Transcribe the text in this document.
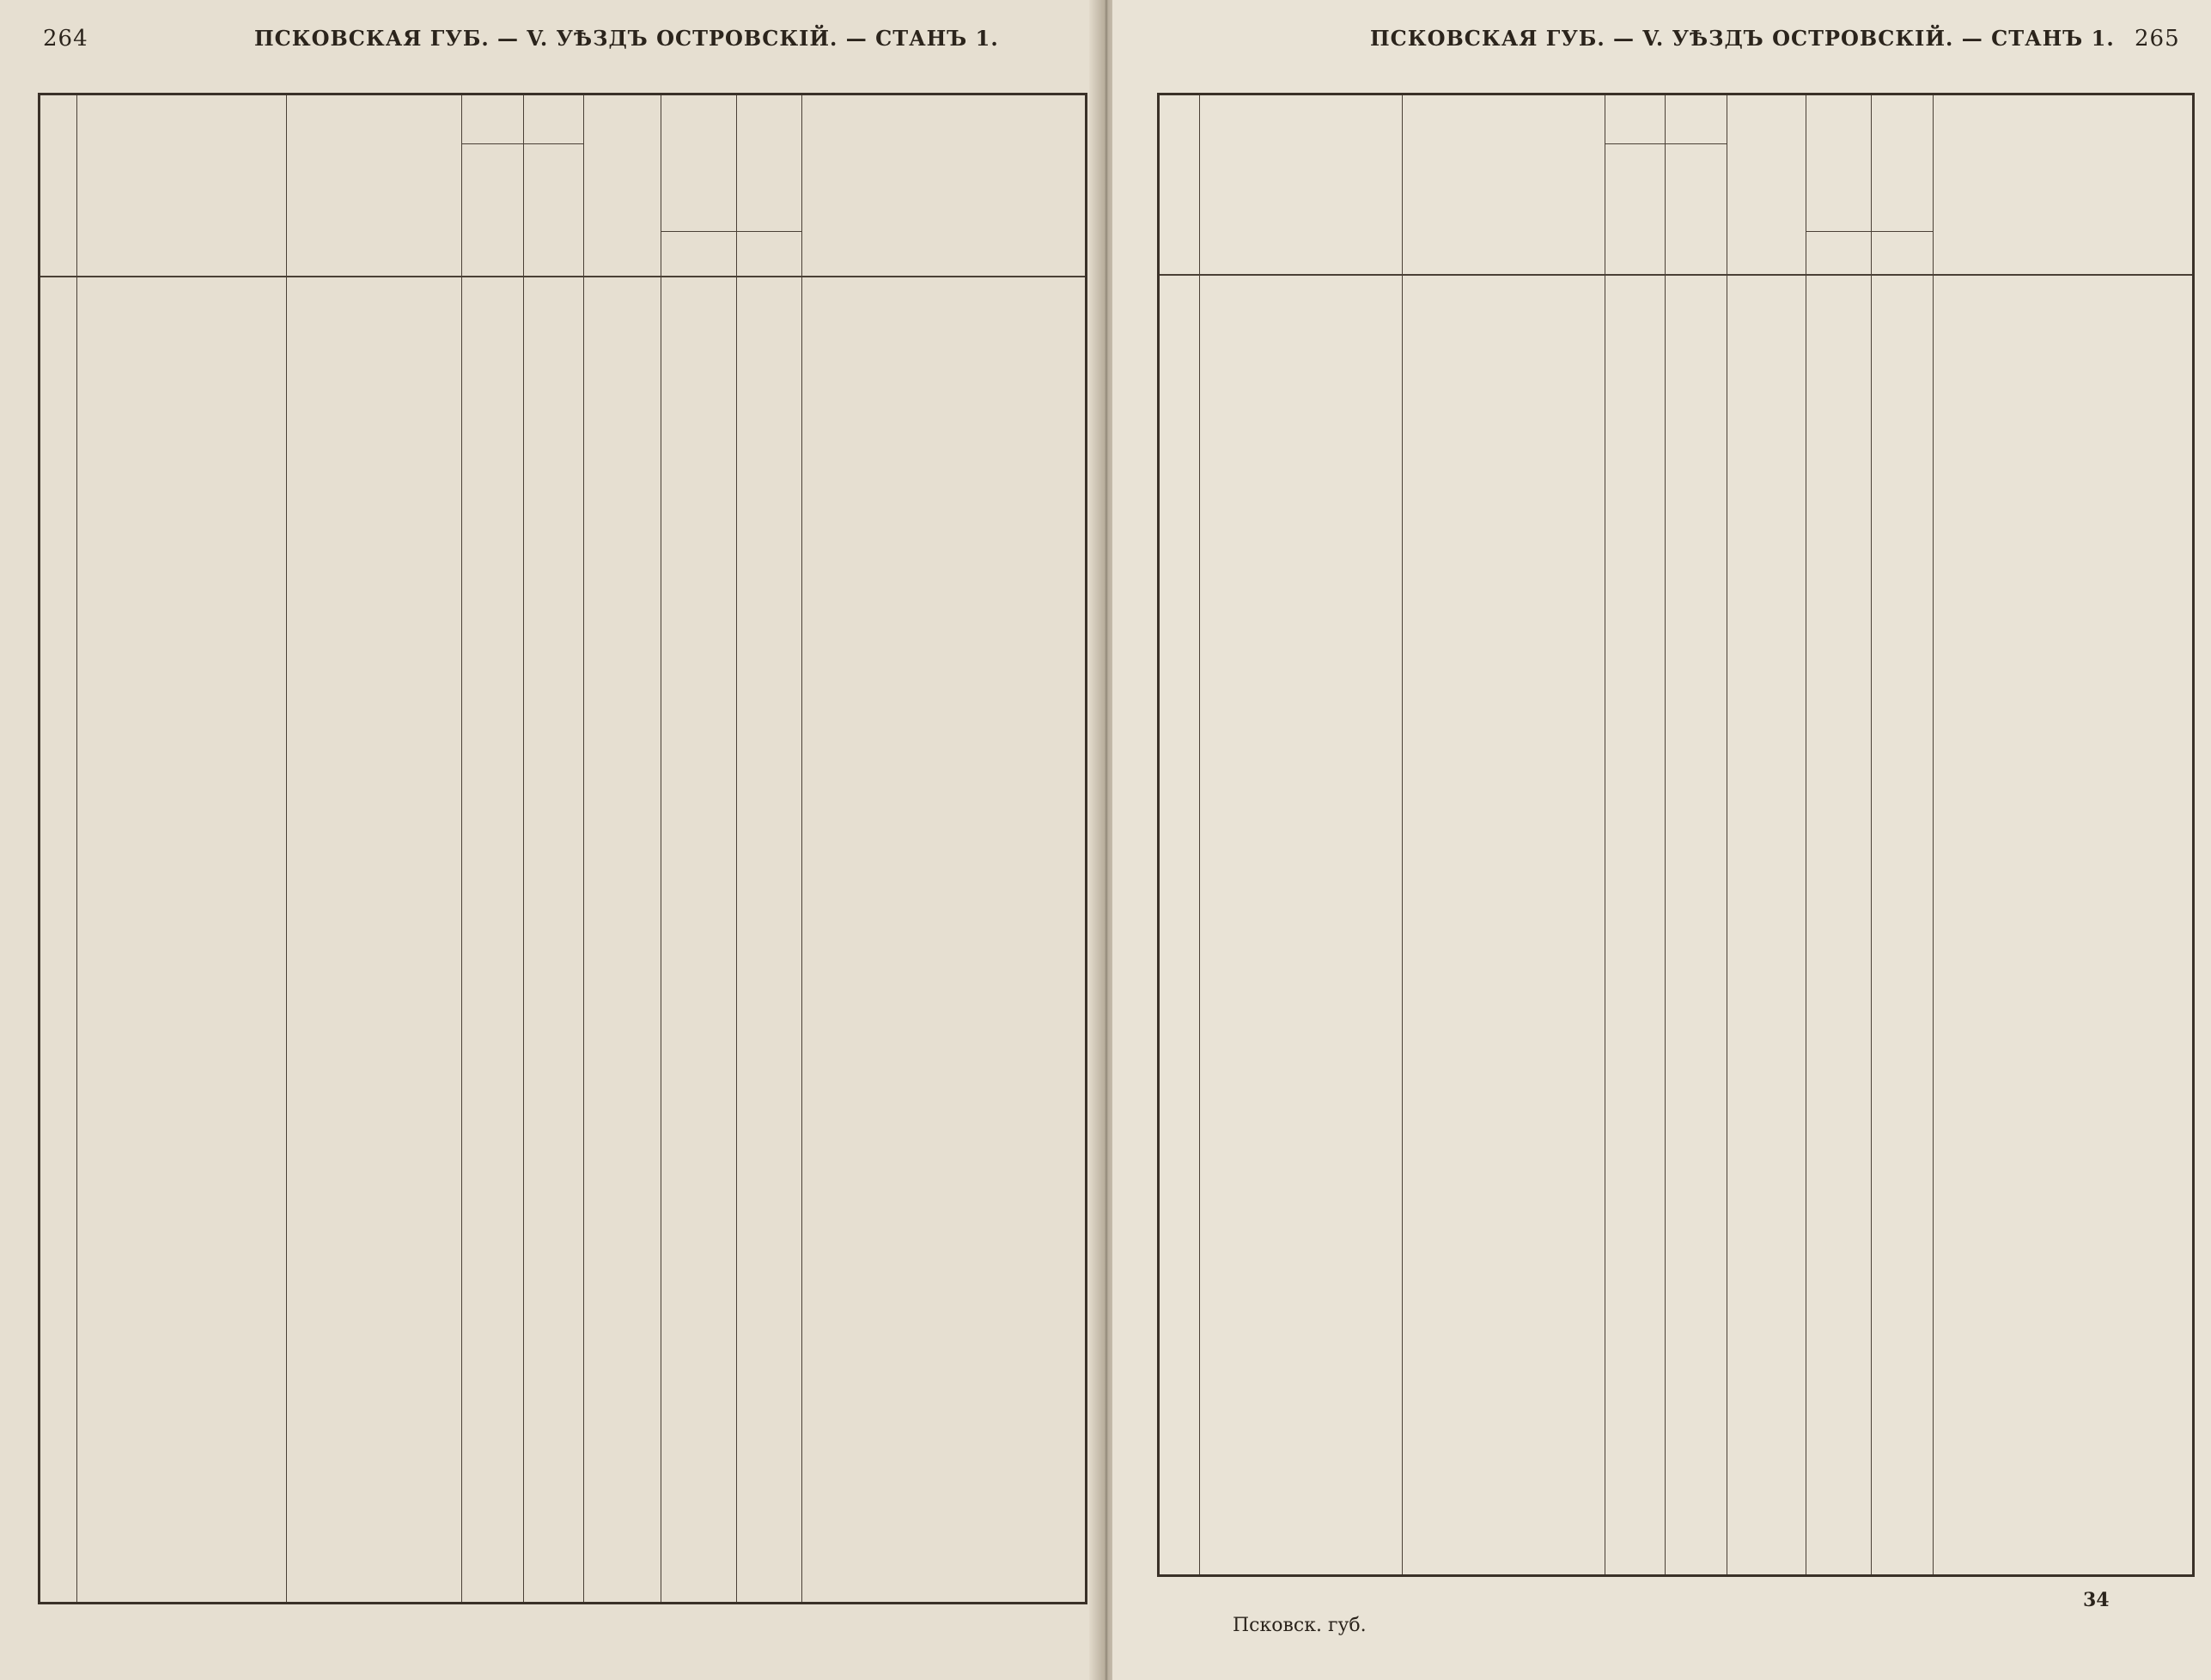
264	ПСКОВСКАЯ ГУБ. — V. УѢЗДЪ ОСТРОВСКІЙ. — СТАНЪ 1.	ПСКОВСКАЯ ГУБ. — V. УѢЗДЪ ОСТРОВСКІЙ. — СТАНЪ 1. 265
Псковск. губ.
34
